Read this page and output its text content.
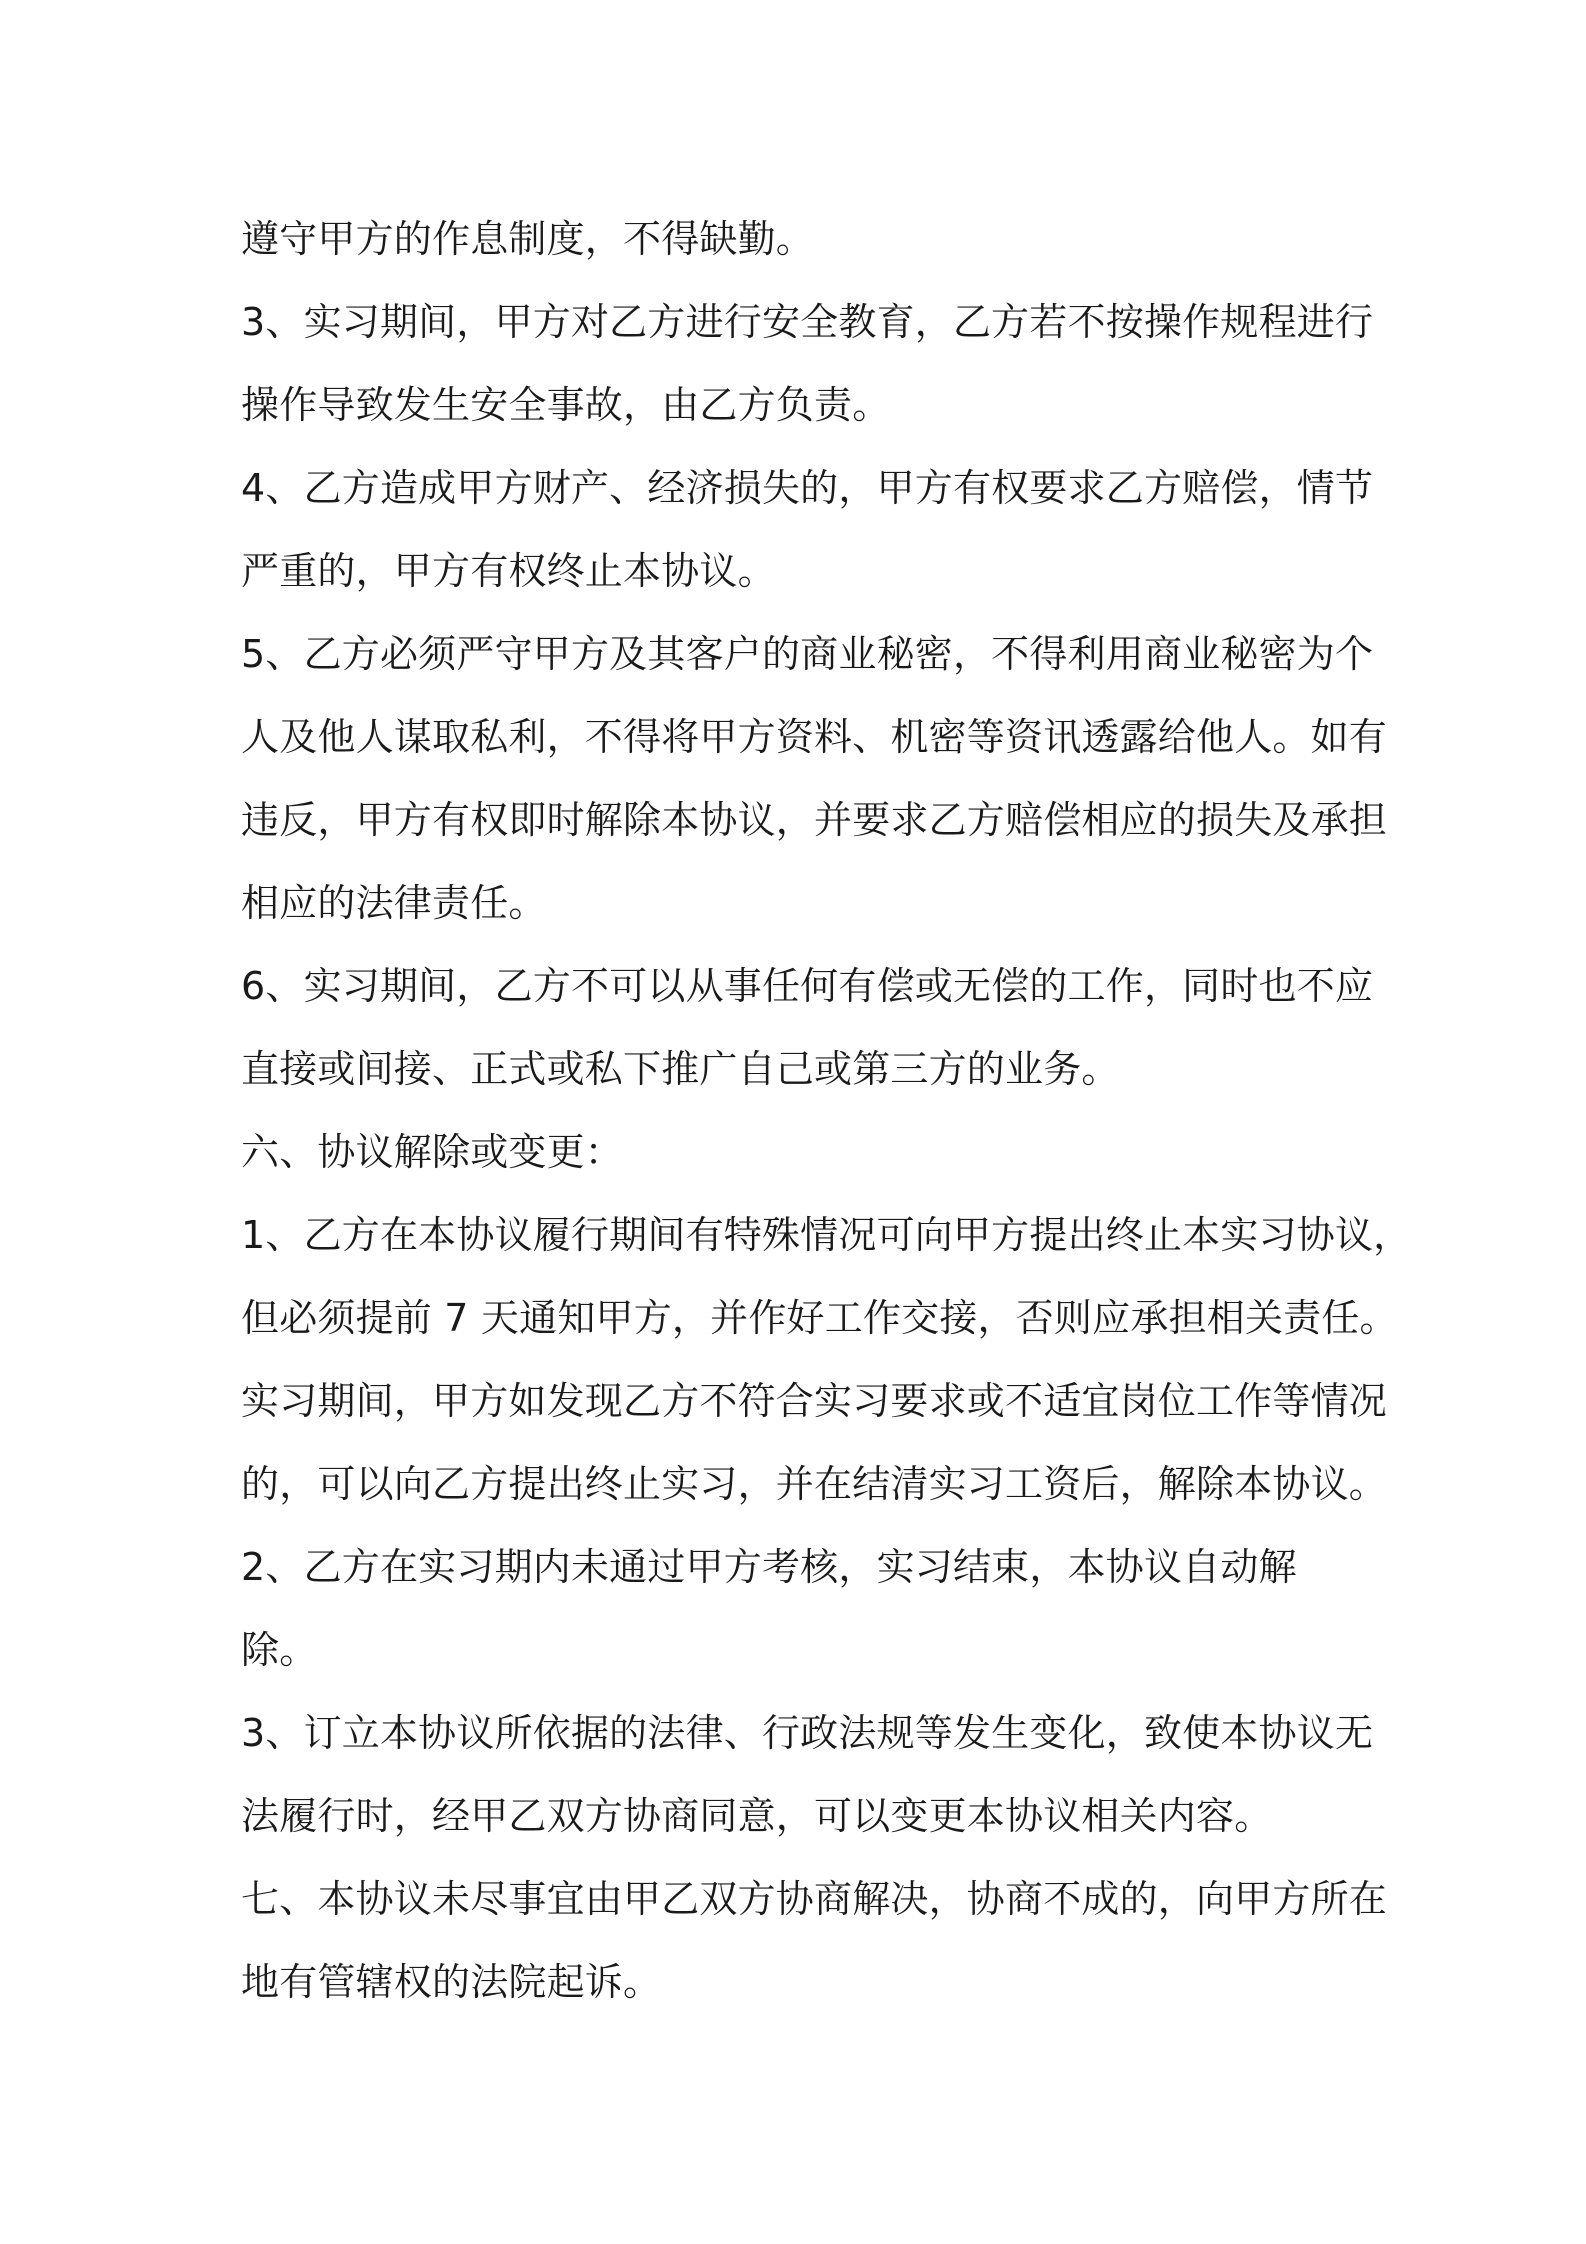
遵守甲方的作息制度，不得缺勤。
3、实习期间，甲方对乙方进行安全教育，乙方若不按操作规程进行
操作导致发生安全事故，由乙方负责。
4、乙方造成甲方财产、经济损失的，甲方有权要求乙方赔偿，情节
严重的，甲方有权终止本协议。
5、乙方必须严守甲方及其客户的商业秘密，不得利用商业秘密为个
人及他人谋取私利，不得将甲方资料、机密等资讯透露给他人。如有
违反，甲方有权即时解除本协议，并要求乙方赔偿相应的损失及承担
相应的法律责任。
6、实习期间，乙方不可以从事任何有偿或无偿的工作，同时也不应
直接或间接、正式或私下推广自己或第三方的业务。
六、协议解除或变更：
1、乙方在本协议履行期间有特殊情况可向甲方提出终止本实习协议，
但必须提前 7 天通知甲方，并作好工作交接，否则应承担相关责任。
实习期间，甲方如发现乙方不符合实习要求或不适宜岗位工作等情况
的，可以向乙方提出终止实习，并在结清实习工资后，解除本协议。
2、乙方在实习期内未通过甲方考核，实习结束，本协议自动解
除。
3、订立本协议所依据的法律、行政法规等发生变化，致使本协议无
法履行时，经甲乙双方协商同意，可以变更本协议相关内容。
七、本协议未尽事宜由甲乙双方协商解决，协商不成的，向甲方所在
地有管辖权的法院起诉。
